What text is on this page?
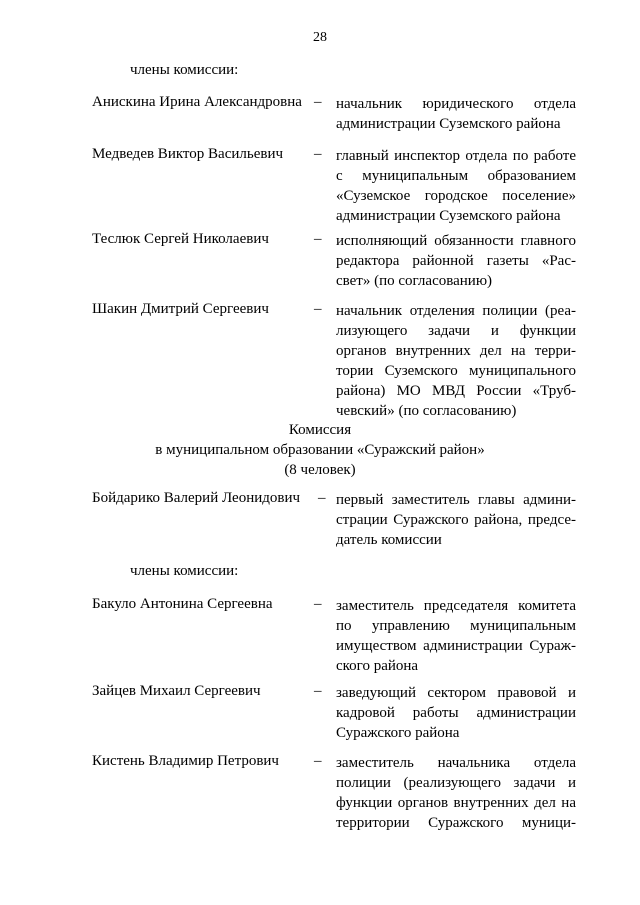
28
члены комиссии:
Анискина Ирина Александровна – начальник юридического отдела
администрации Суземского района
Медведев Виктор Васильевич – главный инспектор отдела по работе
с муниципальным образованием
«Суземское городское поселение»
администрации Суземского района
Теслюк Сергей Николаевич	– исполняющий обязанности главного
редактора районной газеты «Рас-
свет» (по согласованию)
Шакин Дмитрий Сергеевич	– начальник отделения полиции (реа-
лизующего задачи и функции
органов внутренних дел на терри-
тории Суземского муниципального
района) МО МВД России «Труб-
чевский» (по согласованию)
Комиссия
в муниципальном образовании «Суражский район»
(8 человек)
Бойдарико Валерий Леонидович – первый заместитель главы админи-
страции Суражского района, предсе-
датель комиссии
члены комиссии:
Бакуло Антонина Сергеевна	– заместитель председателя комитета
по управлению муниципальным
имуществом администрации Сураж-
ского района
Зайцев Михаил Сергеевич	– заведующий сектором правовой и
кадровой работы администрации
Суражского района
Кистень Владимир Петрович – заместитель начальника отдела
полиции (реализующего задачи и
функции органов внутренних дел на
территории Суражского муници-
